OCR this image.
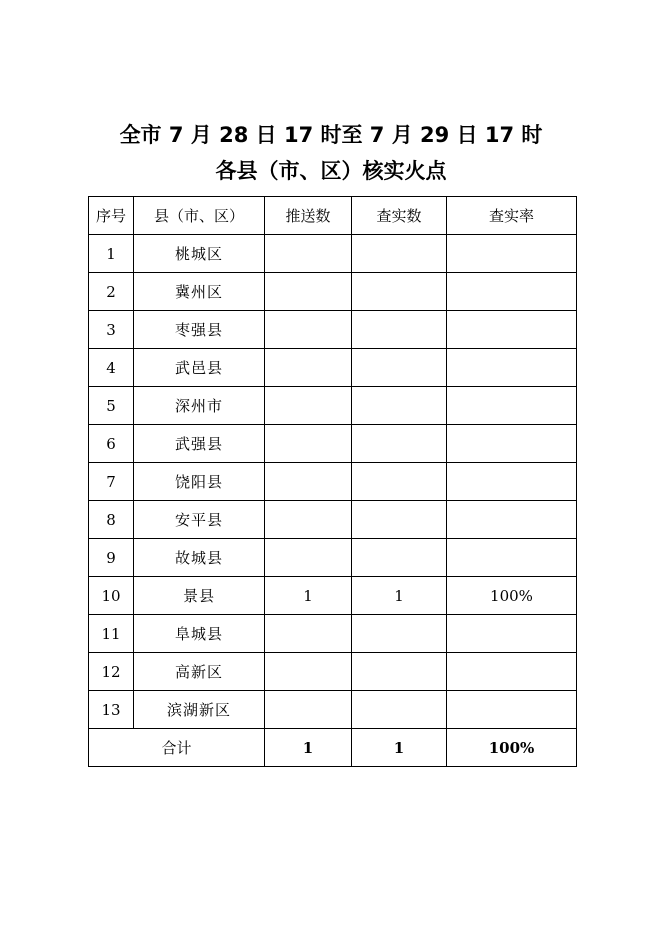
全市 7 月 28 日 17 时至 7 月 29 日 17 时
各县（市、区）核实火点
序号	县（市、区）	推送数	查实数	查实率
1	桃城区			
2	冀州区			
3	枣强县			
4	武邑县			
5	深州市			
6	武强县			
7	饶阳县			
8	安平县			
9	故城县			
10	景县	1	1	100%
11	阜城县			
12	高新区			
13	滨湖新区			
合计		1	1	100%
